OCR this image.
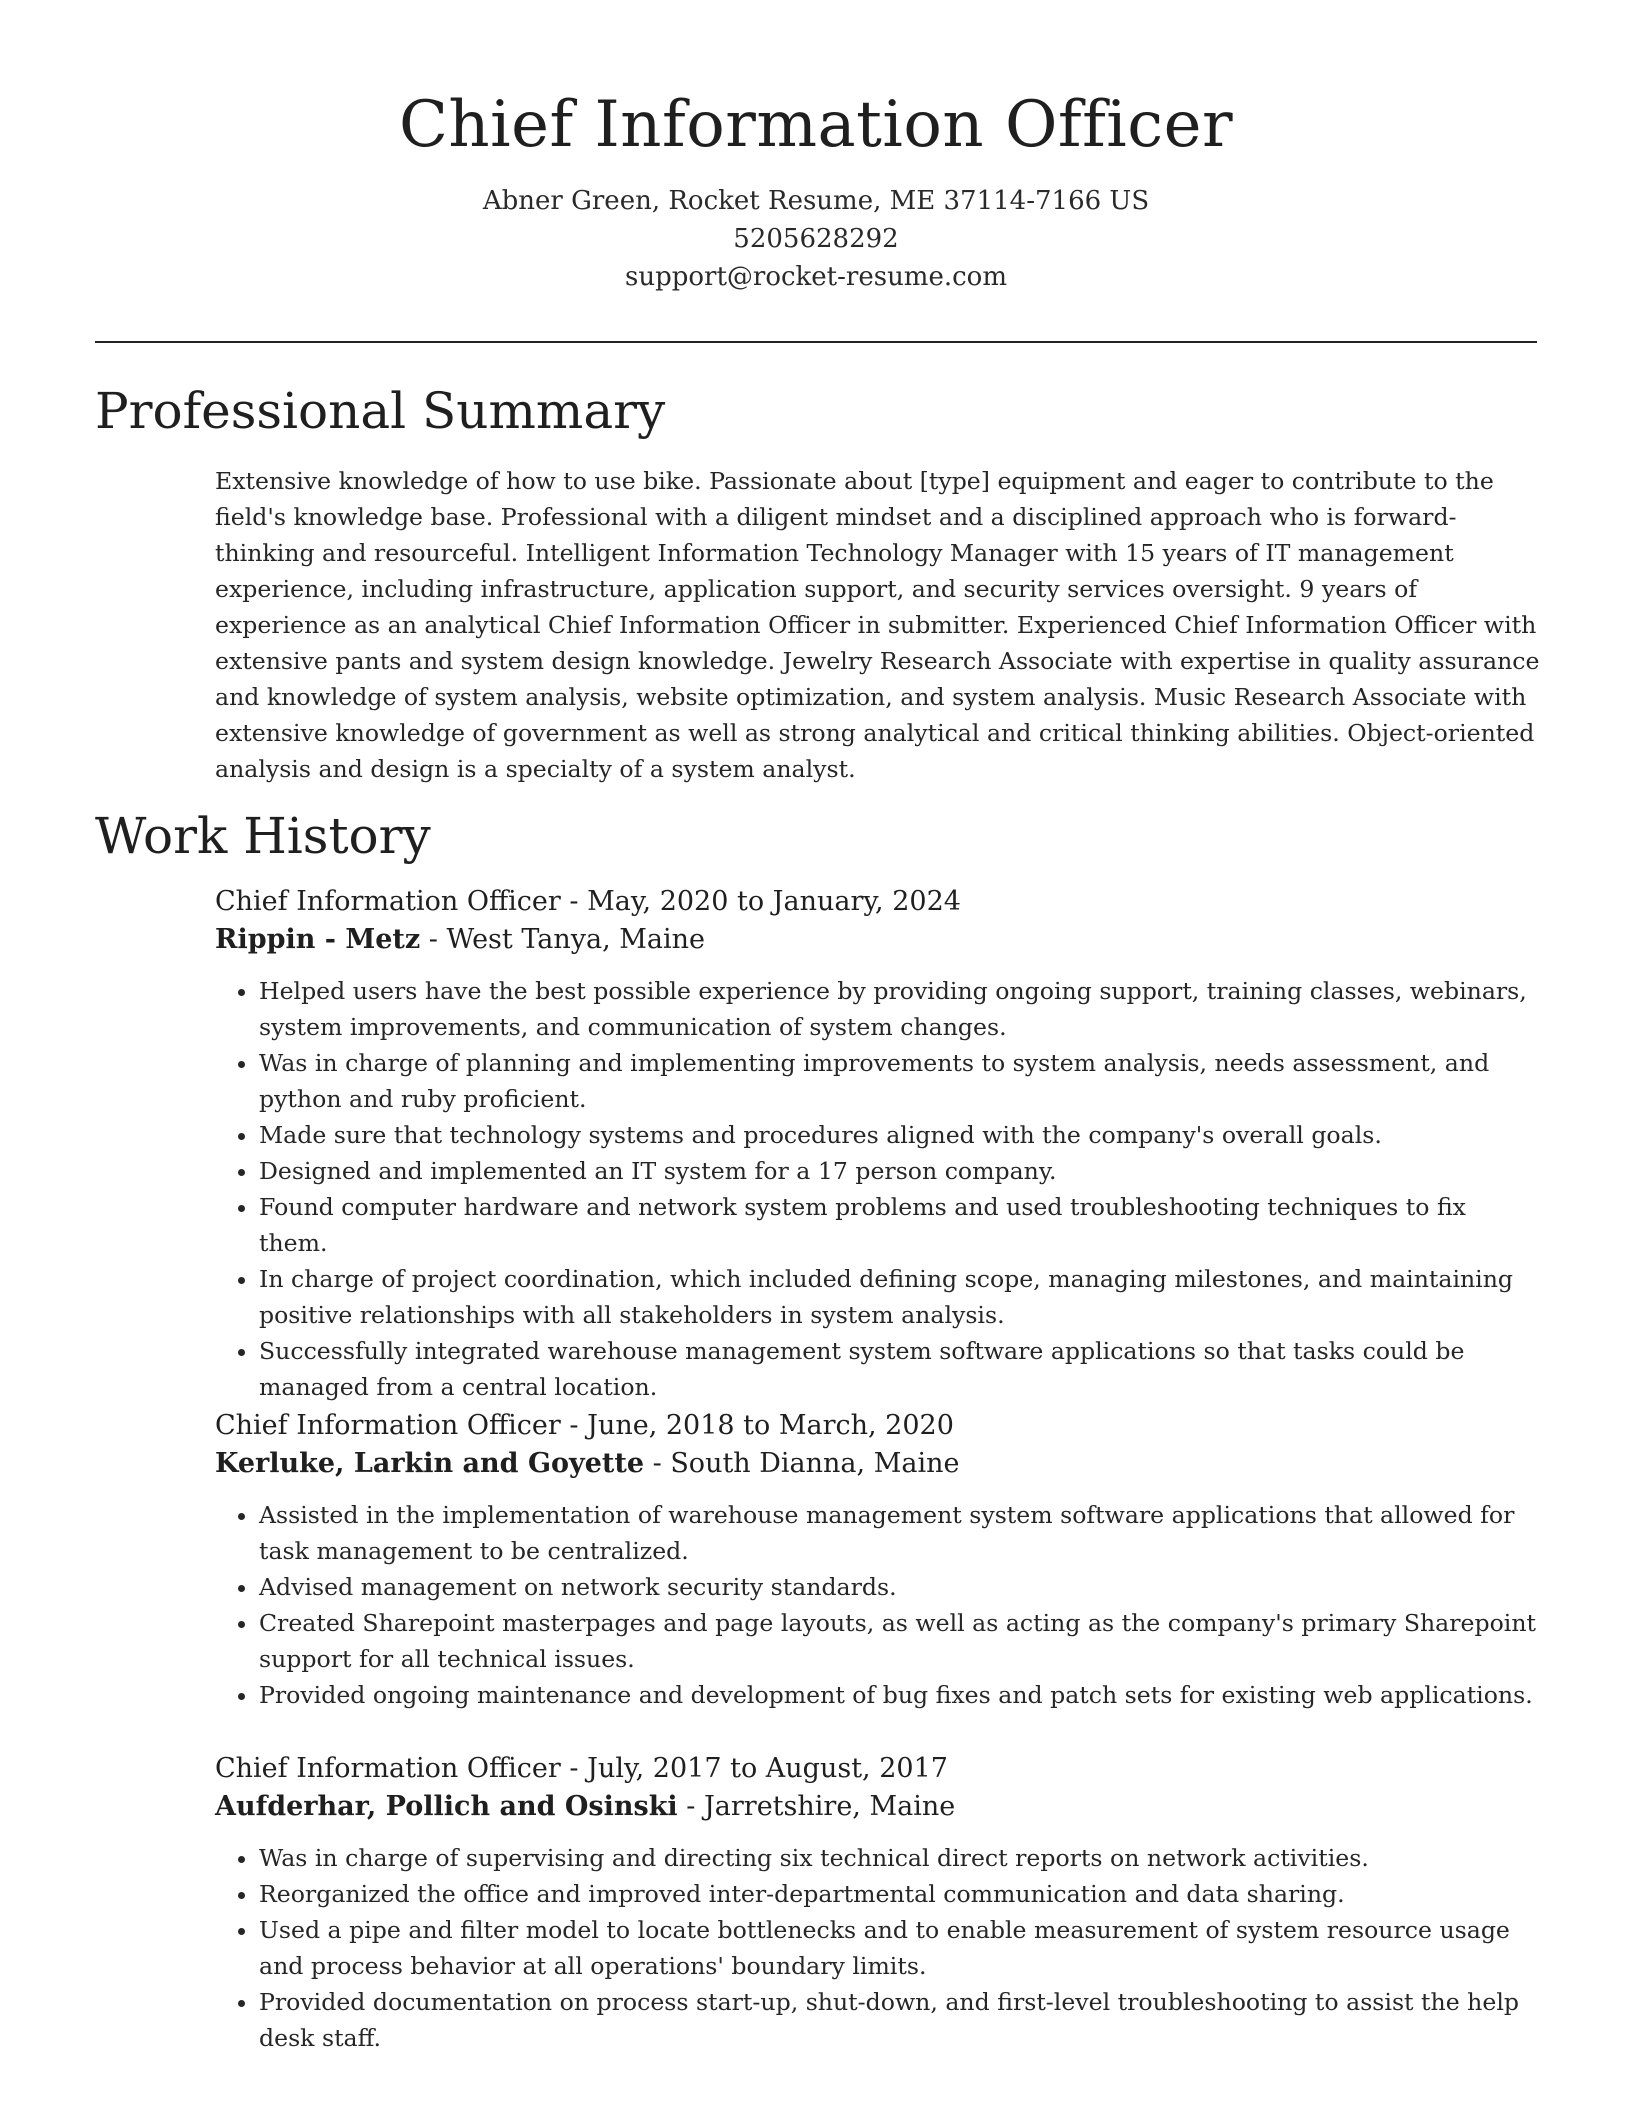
Chief Information Officer
Abner Green, Rocket Resume, ME 37114-7166 US
5205628292
support@rocket-resume.com
Professional Summary

Extensive knowledge of how to use bike. Passionate about [type] equipment and eager to contribute to the field's knowledge base. Professional with a diligent mindset and a disciplined approach who is forward-thinking and resourceful. Intelligent Information Technology Manager with 15 years of IT management experience, including infrastructure, application support, and security services oversight. 9 years of experience as an analytical Chief Information Officer in submitter. Experienced Chief Information Officer with extensive pants and system design knowledge. Jewelry Research Associate with expertise in quality assurance and knowledge of system analysis, website optimization, and system analysis. Music Research Associate with extensive knowledge of government as well as strong analytical and critical thinking abilities. Object-oriented analysis and design is a specialty of a system analyst.

Work History

Chief Information Officer - May, 2020 to January, 2024

Rippin - Metz - West Tanya, Maine

• Helped users have the best possible experience by providing ongoing support, training classes, webinars, system improvements, and communication of system changes.
• Was in charge of planning and implementing improvements to system analysis, needs assessment, and python and ruby proficient.
• Made sure that technology systems and procedures aligned with the company's overall goals.
• Designed and implemented an IT system for a 17 person company.
• Found computer hardware and network system problems and used troubleshooting techniques to fix them.
• In charge of project coordination, which included defining scope, managing milestones, and maintaining positive relationships with all stakeholders in system analysis.
• Successfully integrated warehouse management system software applications so that tasks could be managed from a central location.

Chief Information Officer - June, 2018 to March, 2020

Kerluke, Larkin and Goyette - South Dianna, Maine

• Assisted in the implementation of warehouse management system software applications that allowed for task management to be centralized.
• Advised management on network security standards.
• Created Sharepoint masterpages and page layouts, as well as acting as the company's primary Sharepoint support for all technical issues.
• Provided ongoing maintenance and development of bug fixes and patch sets for existing web applications.

Chief Information Officer - July, 2017 to August, 2017

Aufderhar, Pollich and Osinski - Jarretshire, Maine

• Was in charge of supervising and directing six technical direct reports on network activities.
• Reorganized the office and improved inter-departmental communication and data sharing.
• Used a pipe and filter model to locate bottlenecks and to enable measurement of system resource usage and process behavior at all operations' boundary limits.
• Provided documentation on process start-up, shut-down, and first-level troubleshooting to assist the help desk staff.
